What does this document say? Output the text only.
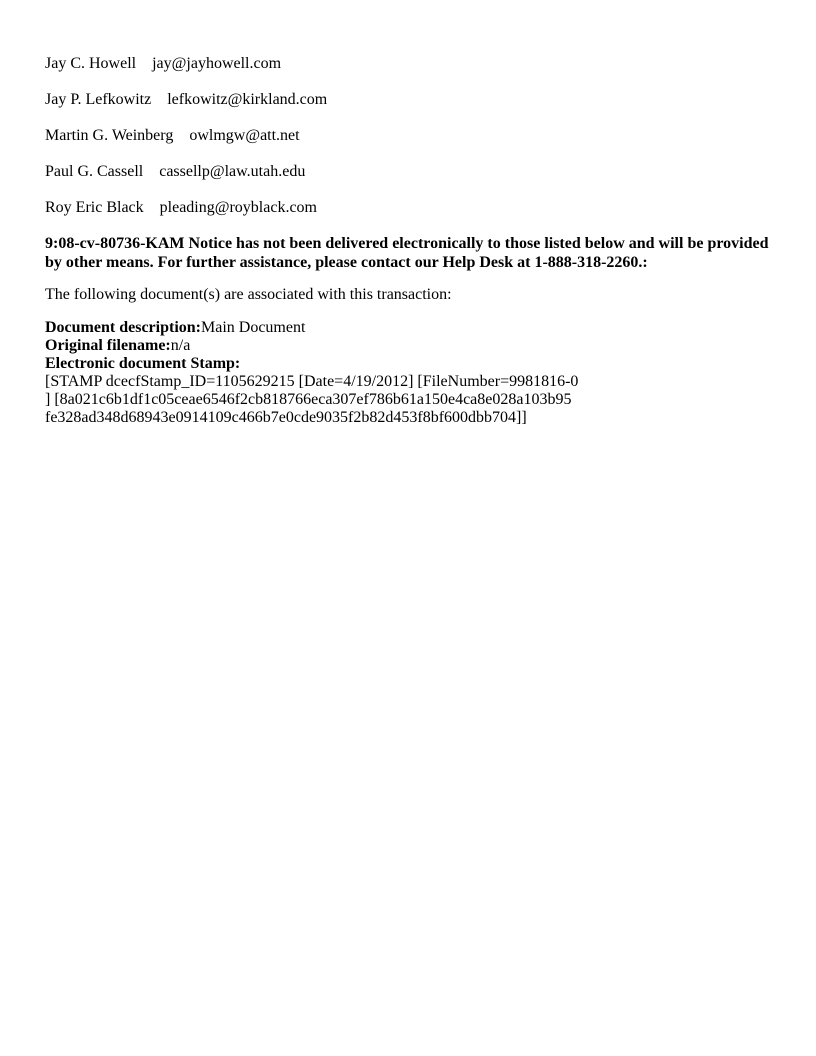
Jay C. Howell jay@jayhowell.com
Jay P. Lefkowitz lefkowitz@kirkland.com
Martin G. Weinberg owlmgw@att.net
Paul G. Cassell cassellp@law.utah.edu
Roy Eric Black pleading@royblack.com
9:08-cv-80736-KAM Notice has not been delivered electronically to those listed below and will be provided
by other means. For further assistance, please contact our Help Desk at 1-888-318-2260.:
The following document(s) are associated with this transaction:
Document description:Main Document
Original filename:n/a
Electronic document Stamp:
[STAMP dcecfStamp_ID=1105629215 [Date=4/19/2012] [FileNumber=9981816-0
] [8a021c6b1df1c05ceae6546f2cb818766eca307ef786b61a150e4ca8e028a103b95
fe328ad348d68943e0914109c466b7e0cde9035f2b82d453f8bf600dbb704]]
